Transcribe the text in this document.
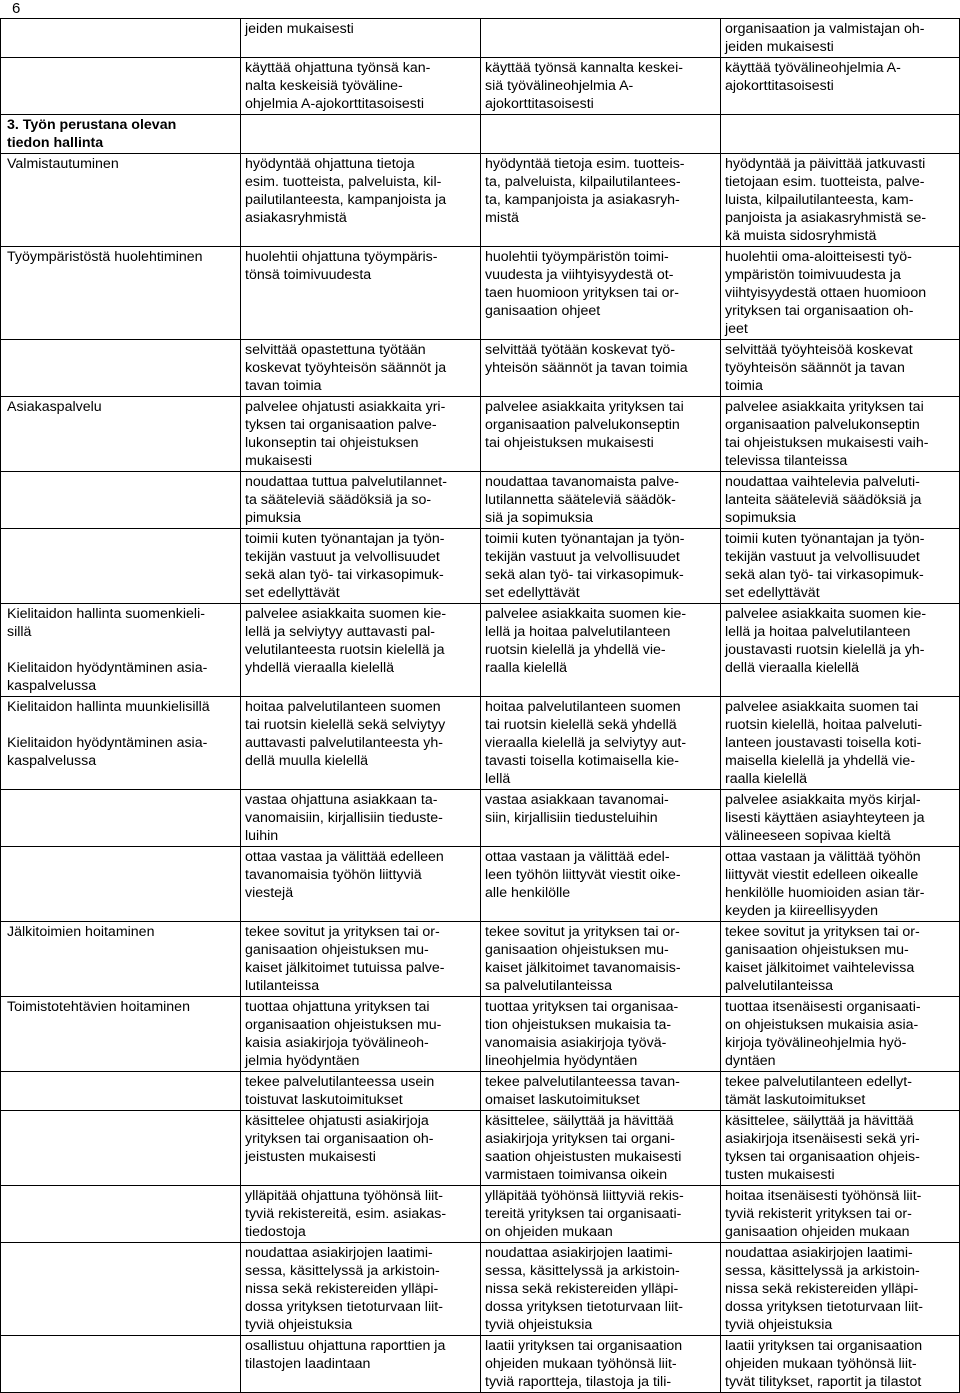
6
	jeiden mukaisesti		organisaation ja valmistajan oh-
jeiden mukaisesti
	käyttää ohjattuna työnsä kan-
nalta keskeisiä työväline-
ohjelmia A-ajokorttitasoisesti	käyttää työnsä kannalta keskei-
siä työvälineohjelmia A-
ajokorttitasoisesti	käyttää työvälineohjelmia A-
ajokorttitasoisesti
3. Työn perustana olevan
tiedon hallinta			
Valmistautuminen	hyödyntää ohjattuna tietoja
esim. tuotteista, palveluista, kil-
pailutilanteesta, kampanjoista ja
asiakasryhmistä	hyödyntää tietoja esim. tuotteis-
ta, palveluista, kilpailutilantees-
ta, kampanjoista ja asiakasryh-
mistä	hyödyntää ja päivittää jatkuvasti
tietojaan esim. tuotteista, palve-
luista, kilpailutilanteesta, kam-
panjoista ja asiakasryhmistä se-
kä muista sidosryhmistä
Työympäristöstä huolehtiminen	huolehtii ohjattuna työympäris-
tönsä toimivuudesta	huolehtii työympäristön toimi-
vuudesta ja viihtyisyydestä ot-
taen huomioon yrityksen tai or-
ganisaation ohjeet	huolehtii oma-aloitteisesti työ-
ympäristön toimivuudesta ja
viihtyisyydestä ottaen huomioon
yrityksen tai organisaation oh-
jeet
	selvittää opastettuna työtään
koskevat työyhteisön säännöt ja
tavan toimia	selvittää työtään koskevat työ-
yhteisön säännöt ja tavan toimia	selvittää työyhteisöä koskevat
työyhteisön säännöt ja tavan
toimia
Asiakaspalvelu	palvelee ohjatusti asiakkaita yri-
tyksen tai organisaation palve-
lukonseptin tai ohjeistuksen
mukaisesti	palvelee asiakkaita yrityksen tai
organisaation palvelukonseptin
tai ohjeistuksen mukaisesti	palvelee asiakkaita yrityksen tai
organisaation palvelukonseptin
tai ohjeistuksen mukaisesti vaih-
televissa tilanteissa
	noudattaa tuttua palvelutilannet-
ta sääteleviä säädöksiä ja so-
pimuksia	noudattaa tavanomaista palve-
lutilannetta sääteleviä säädök-
siä ja sopimuksia	noudattaa vaihtelevia palveluti-
lanteita sääteleviä säädöksiä ja
sopimuksia
	toimii kuten työnantajan ja työn-
tekijän vastuut ja velvollisuudet
sekä alan työ- tai virkasopimuk-
set edellyttävät	toimii kuten työnantajan ja työn-
tekijän vastuut ja velvollisuudet
sekä alan työ- tai virkasopimuk-
set edellyttävät	toimii kuten työnantajan ja työn-
tekijän vastuut ja velvollisuudet
sekä alan työ- tai virkasopimuk-
set edellyttävät
Kielitaidon hallinta suomenkieli-
sillä

Kielitaidon hyödyntäminen asia-
kaspalvelussa	palvelee asiakkaita suomen kie-
lellä ja selviytyy auttavasti pal-
velutilanteesta ruotsin kielellä ja
yhdellä vieraalla kielellä	palvelee asiakkaita suomen kie-
lellä ja hoitaa palvelutilanteen
ruotsin kielellä ja yhdellä vie-
raalla kielellä	palvelee asiakkaita suomen kie-
lellä ja hoitaa palvelutilanteen
joustavasti ruotsin kielellä ja yh-
dellä vieraalla kielellä
Kielitaidon hallinta muunkielisillä

Kielitaidon hyödyntäminen asia-
kaspalvelussa	hoitaa palvelutilanteen suomen
tai ruotsin kielellä sekä selviytyy
auttavasti palvelutilanteesta yh-
dellä muulla kielellä	hoitaa palvelutilanteen suomen
tai ruotsin kielellä sekä yhdellä
vieraalla kielellä ja selviytyy aut-
tavasti toisella kotimaisella kie-
lellä	palvelee asiakkaita suomen tai
ruotsin kielellä, hoitaa palveluti-
lanteen joustavasti toisella koti-
maisella kielellä ja yhdellä vie-
raalla kielellä
	vastaa ohjattuna asiakkaan ta-
vanomaisiin, kirjallisiin tieduste-
luihin	vastaa asiakkaan tavanomai-
siin, kirjallisiin tiedusteluihin	palvelee asiakkaita myös kirjal-
lisesti käyttäen asiayhteyteen ja
välineeseen sopivaa kieltä
	ottaa vastaa ja välittää edelleen
tavanomaisia työhön liittyviä
viestejä	ottaa vastaan ja välittää edel-
leen työhön liittyvät viestit oike-
alle henkilölle	ottaa vastaan ja välittää työhön
liittyvät viestit edelleen oikealle
henkilölle huomioiden asian tär-
keyden ja kiireellisyyden
Jälkitoimien hoitaminen	tekee sovitut ja yrityksen tai or-
ganisaation ohjeistuksen mu-
kaiset jälkitoimet tutuissa palve-
lutilanteissa	tekee sovitut ja yrityksen tai or-
ganisaation ohjeistuksen mu-
kaiset jälkitoimet tavanomaisis-
sa palvelutilanteissa	tekee sovitut ja yrityksen tai or-
ganisaation ohjeistuksen mu-
kaiset jälkitoimet vaihtelevissa
palvelutilanteissa
Toimistotehtävien hoitaminen	tuottaa ohjattuna yrityksen tai
organisaation ohjeistuksen mu-
kaisia asiakirjoja työvälineoh-
jelmia hyödyntäen	tuottaa yrityksen tai organisaa-
tion ohjeistuksen mukaisia ta-
vanomaisia asiakirjoja työvä-
lineohjelmia hyödyntäen	tuottaa itsenäisesti organisaati-
on ohjeistuksen mukaisia asia-
kirjoja työvälineohjelmia hyö-
dyntäen
	tekee palvelutilanteessa usein
toistuvat laskutoimitukset	tekee palvelutilanteessa tavan-
omaiset laskutoimitukset	tekee palvelutilanteen edellyt-
tämät laskutoimitukset
	käsittelee ohjatusti asiakirjoja
yrityksen tai organisaation oh-
jeistusten mukaisesti	käsittelee, säilyttää ja hävittää
asiakirjoja yrityksen tai organi-
saation ohjeistusten mukaisesti
varmistaen toimivansa oikein	käsittelee, säilyttää ja hävittää
asiakirjoja itsenäisesti sekä yri-
tyksen tai organisaation ohjeis-
tusten mukaisesti
	ylläpitää ohjattuna työhönsä liit-
tyviä rekistereitä, esim. asiakas-
tiedostoja	ylläpitää työhönsä liittyviä rekis-
tereitä yrityksen tai organisaati-
on ohjeiden mukaan	hoitaa itsenäisesti työhönsä liit-
tyviä rekisterit yrityksen tai or-
ganisaation ohjeiden mukaan
	noudattaa asiakirjojen laatimi-
sessa, käsittelyssä ja arkistoin-
nissa sekä rekistereiden ylläpi-
dossa yrityksen tietoturvaan liit-
tyviä ohjeistuksia	noudattaa asiakirjojen laatimi-
sessa, käsittelyssä ja arkistoin-
nissa sekä rekistereiden ylläpi-
dossa yrityksen tietoturvaan liit-
tyviä ohjeistuksia	noudattaa asiakirjojen laatimi-
sessa, käsittelyssä ja arkistoin-
nissa sekä rekistereiden ylläpi-
dossa yrityksen tietoturvaan liit-
tyviä ohjeistuksia
	osallistuu ohjattuna raporttien ja
tilastojen laadintaan	laatii yrityksen tai organisaation
ohjeiden mukaan työhönsä liit-
tyviä raportteja, tilastoja ja tili-	laatii yrityksen tai organisaation
ohjeiden mukaan työhönsä liit-
tyvät tilitykset, raportit ja tilastot
